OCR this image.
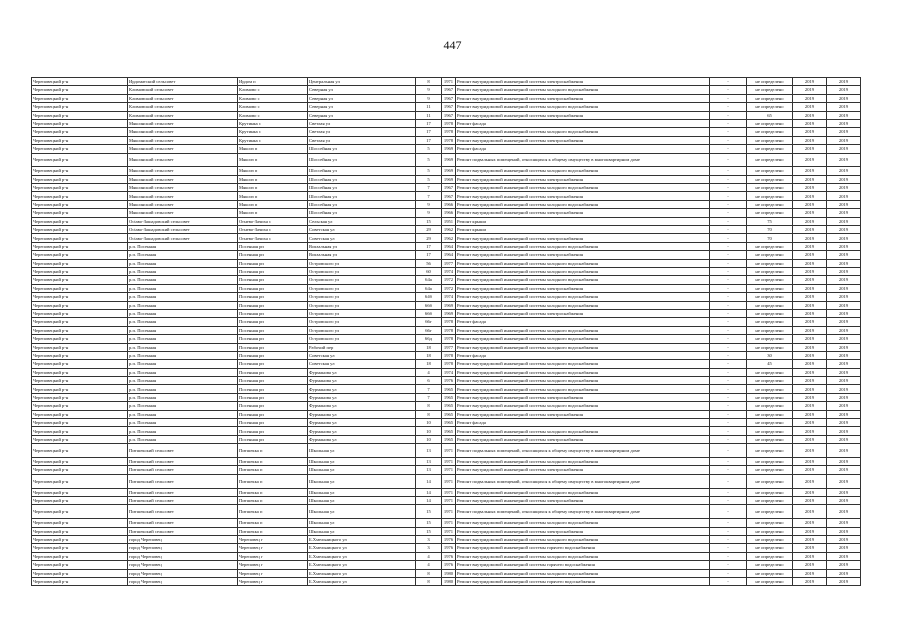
447
Череповецкий р-н	Ирдоматский сельсовет	Ирдом п	Центральная ул	8	1971	Ремонт внутридомовой инженерной системы электроснабжения	-	не определено	2019	2019
Череповецкий р-н	Климовский сельсовет	Климово с	Северная ул	9	1967	Ремонт внутридомовой инженерной системы холодного водоснабжения	-	не определено	2019	2019
Череповецкий р-н	Климовский сельсовет	Климово с	Северная ул	9	1967	Ремонт внутридомовой инженерной системы электроснабжения	-	не определено	2019	2019
Череповецкий р-н	Климовский сельсовет	Климово с	Северная ул	11	1967	Ремонт внутридомовой инженерной системы холодного водоснабжения	-	не определено	2019	2019
Череповецкий р-н	Климовский сельсовет	Климово с	Северная ул	11	1967	Ремонт внутридомовой инженерной системы электроснабжения	-	65	2019	2019
Череповецкий р-н	Мяксинский сельсовет	Крутинка с	Светлая ул	17	1978	Ремонт фасада	-	не определено	2019	2019
Череповецкий р-н	Мяксинский сельсовет	Крутинка с	Светлая ул	17	1978	Ремонт внутридомовой инженерной системы холодного водоснабжения	-	не определено	2019	2019
Череповецкий р-н	Мяксинский сельсовет	Крутинка с	Светлая ул	17	1978	Ремонт внутридомовой инженерной системы электроснабжения	-	не определено	2019	2019
Череповецкий р-н	Мяксинский сельсовет	Мяксиэ п	Шоссейная ул	5	1969	Ремонт фасада	-	не определено	2019	2019
Череповецкий р-н	Мяксинский сельсовет	Мяксиэ п	Шоссейная ул	5	1969	Ремонт подвальных помещений, относящихся к общему имуществу в многоквартирном доме	-	не определено	2019	2019
Череповецкий р-н	Мяксинский сельсовет	Мяксиэ п	Шоссейная ул	5	1969	Ремонт внутридомовой инженерной системы холодного водоснабжения	-	не определено	2019	2019
Череповецкий р-н	Мяксинский сельсовет	Мяксиэ п	Шоссейная ул	5	1969	Ремонт внутридомовой инженерной системы электроснабжения	-	не определено	2019	2019
Череповецкий р-н	Мяксинский сельсовет	Мяксиэ п	Шоссейная ул	7	1967	Ремонт внутридомовой инженерной системы холодного водоснабжения	-	не определено	2019	2019
Череповецкий р-н	Мяксинский сельсовет	Мяксиэ п	Шоссейная ул	7	1967	Ремонт внутридомовой инженерной системы электроснабжения	-	не определено	2019	2019
Череповецкий р-н	Мяксинский сельсовет	Мяксиэ п	Шоссейная ул	9	1966	Ремонт внутридомовой инженерной системы холодного водоснабжения	-	не определено	2019	2019
Череповецкий р-н	Мяксинский сельсовет	Мяксиэ п	Шоссейная ул	9	1966	Ремонт внутридомовой инженерной системы электроснабжения	-	не определено	2019	2019
Череповецкий р-н	Octаво-Зашадовский сельсовет	Огнево-Зачиха с	Сельская ул	15	1951	Ремонт крыши	-	75	2019	2019
Череповецкий р-н	Octаво-Зашадовский сельсовет	Огнево-Зачиха с	Советская ул	29	1962	Ремонт крыши	-	70	2019	2019
Череповецкий р-н	Octаво-Зашадовский сельсовет	Огнево-Зачиха с	Советская ул	29	1962	Ремонт внутридомовой инженерной системы электроснабжения	-	70	2019	2019
Череповецкий р-н	р.п. Посенная	Посенная рп	Вокзальная ул	17	1964	Ремонт внутридомовой инженерной системы холодного водоснабжения	-	не определено	2019	2019
Череповецкий р-н	р.п. Посенная	Посенная рп	Вокзальная ул	17	1964	Ремонт внутридомовой инженерной системы электроснабжения	-	не определено	2019	2019
Череповецкий р-н	р.п. Посенная	Посенная рп	Островского ул	56	1977	Ремонт внутридомовой инженерной системы холодного водоснабжения	-	не определено	2019	2019
Череповецкий р-н	р.п. Посенная	Посенная рп	Островского ул	60	1974	Ремонт внутридомовой инженерной системы холодного водоснабжения	-	не определено	2019	2019
Череповецкий р-н	р.п. Посенная	Посенная рп	Островского ул	64а	1972	Ремонт внутридомовой инженерной системы холодного водоснабжения	-	не определено	2019	2019
Череповецкий р-н	р.п. Посенная	Посенная рп	Островского ул	64а	1972	Ремонт внутридомовой инженерной системы электроснабжения	-	не определено	2019	2019
Череповецкий р-н	р.п. Посенная	Посенная рп	Островского ул	64б	1974	Ремонт внутридомовой инженерной системы холодного водоснабжения	-	не определено	2019	2019
Череповецкий р-н	р.п. Посенная	Посенная рп	Островского ул	66б	1969	Ремонт внутридомовой инженерной системы холодного водоснабжения	-	не определено	2019	2019
Череповецкий р-н	р.п. Посенная	Посенная рп	Островского ул	66б	1969	Ремонт внутридомовой инженерной системы электроснабжения	-	не определено	2019	2019
Череповецкий р-н	р.п. Посенная	Посенная рп	Островского ул	66г	1978	Ремонт фасада	-	не определено	2019	2019
Череповецкий р-н	р.п. Посенная	Посенная рп	Островского ул	66г	1978	Ремонт внутридомовой инженерной системы холодного водоснабжения	-	не определено	2019	2019
Череповецкий р-н	р.п. Посенная	Посенная рп	Островского ул	66д	1978	Ремонт внутридомовой инженерной системы холодного водоснабжения	-	не определено	2019	2019
Череповецкий р-н	р.п. Посенная	Посенная рп	Рабочий пер	18	1977	Ремонт внутридомовой инженерной системы холодного водоснабжения	-	не определено	2019	2019
Череповецкий р-н	р.п. Посенная	Посенная рп	Советская ул	18	1978	Ремонт фасада	-	30	2019	2019
Череповецкий р-н	р.п. Посенная	Посенная рп	Советская ул	18	1978	Ремонт внутридомовой инженерной системы холодного водоснабжения	-	45	2019	2019
Череповецкий р-н	р.п. Посенная	Посенная рп	Фурманова ул	4	1974	Ремонт внутридомовой инженерной системы холодного водоснабжения	-	не определено	2019	2019
Череповецкий р-н	р.п. Посенная	Посенная рп	Фурманова ул	6	1976	Ремонт внутридомовой инженерной системы холодного водоснабжения	-	не определено	2019	2019
Череповецкий р-н	р.п. Посенная	Посенная рп	Фурманова ул	7	1965	Ремонт внутридомовой инженерной системы холодного водоснабжения	-	не определено	2019	2019
Череповецкий р-н	р.п. Посенная	Посенная рп	Фурманова ул	7	1965	Ремонт внутридомовой инженерной системы электроснабжения	-	не определено	2019	2019
Череповецкий р-н	р.п. Посенная	Посенная рп	Фурманова ул	8	1965	Ремонт внутридомовой инженерной системы холодного водоснабжения	-	не определено	2019	2019
Череповецкий р-н	р.п. Посенная	Посенная рп	Фурманова ул	8	1965	Ремонт внутридомовой инженерной системы электроснабжения	-	не определено	2019	2019
Череповецкий р-н	р.п. Посенная	Посенная рп	Фурманова ул	10	1965	Ремонт фасада	-	не определено	2019	2019
Череповецкий р-н	р.п. Посенная	Посенная рп	Фурманова ул	10	1965	Ремонт внутридомовой инженерной системы холодного водоснабжения	-	не определено	2019	2019
Череповецкий р-н	р.п. Посенная	Посенная рп	Фурманова ул	10	1965	Ремонт внутридомовой инженерной системы электроснабжения	-	не определено	2019	2019
Череповецкий р-н	Питшекский сельсовет	Питшекка п	Школьная ул	13	1971	Ремонт подвальных помещений, относящихся к общему имуществу в многоквартирном доме	-	не определено	2019	2019
Череповецкий р-н	Питшекский сельсовет	Питшекка п	Школьная ул	13	1971	Ремонт внутридомовой инженерной системы холодного водоснабжения	-	не определено	2019	2019
Череповецкий р-н	Питшекский сельсовет	Питшекка п	Школьная ул	13	1971	Ремонт внутридомовой инженерной системы электроснабжения	-	не определено	2019	2019
Череповецкий р-н	Питшекский сельсовет	Питшекка п	Школьная ул	14	1971	Ремонт подвальных помещений, относящихся к общему имуществу в многоквартирном доме	-	не определено	2019	2019
Череповецкий р-н	Питшекский сельсовет	Питшекка п	Школьная ул	14	1971	Ремонт внутридомовой инженерной системы холодного водоснабжения	-	не определено	2019	2019
Череповецкий р-н	Питшекский сельсовет	Питшекка п	Школьная ул	14	1971	Ремонт внутридомовой инженерной системы электроснабжения	-	не определено	2019	2019
Череповецкий р-н	Питшекский сельсовет	Питшекка п	Школьная ул	15	1971	Ремонт подвальных помещений, относящихся к общему имуществу в многоквартирном доме	-	не определено	2019	2019
Череповецкий р-н	Питшекский сельсовет	Питшекка п	Школьная ул	15	1971	Ремонт внутридомовой инженерной системы холодного водоснабжения	-	не определено	2019	2019
Череповецкий р-н	Питшекский сельсовет	Питшекка п	Школьная ул	15	1971	Ремонт внутридомовой инженерной системы электроснабжения	-	не определено	2019	2019
Череповецкий р-н	город Череповец	Череповец г	Б.Хмельницкого ул	3	1976	Ремонт внутридомовой инженерной системы холодного водоснабжения	-	не определено	2019	2019
Череповецкий р-н	город Череповец	Череповец г	Б.Хмельницкого ул	3	1976	Ремонт внутридомовой инженерной системы горячего водоснабжения	-	не определено	2019	2019
Череповецкий р-н	город Череповец	Череповец г	Б.Хмельницкого ул	4	1976	Ремонт внутридомовой инженерной системы холодного водоснабжения	-	не определено	2019	2019
Череповецкий р-н	город Череповец	Череповец г	Б.Хмельницкого ул	4	1976	Ремонт внутридомовой инженерной системы горячего водоснабжения	-	не определено	2019	2019
Череповецкий р-н	город Череповец	Череповец г	Б.Хмельницкого ул	8	1980	Ремонт внутридомовой инженерной системы холодного водоснабжения	-	не определено	2019	2019
Череповецкий р-н	город Череповец	Череповец г	Б.Хмельницкого ул	8	1980	Ремонт внутридомовой инженерной системы горячего водоснабжения	-	не определено	2019	2019
